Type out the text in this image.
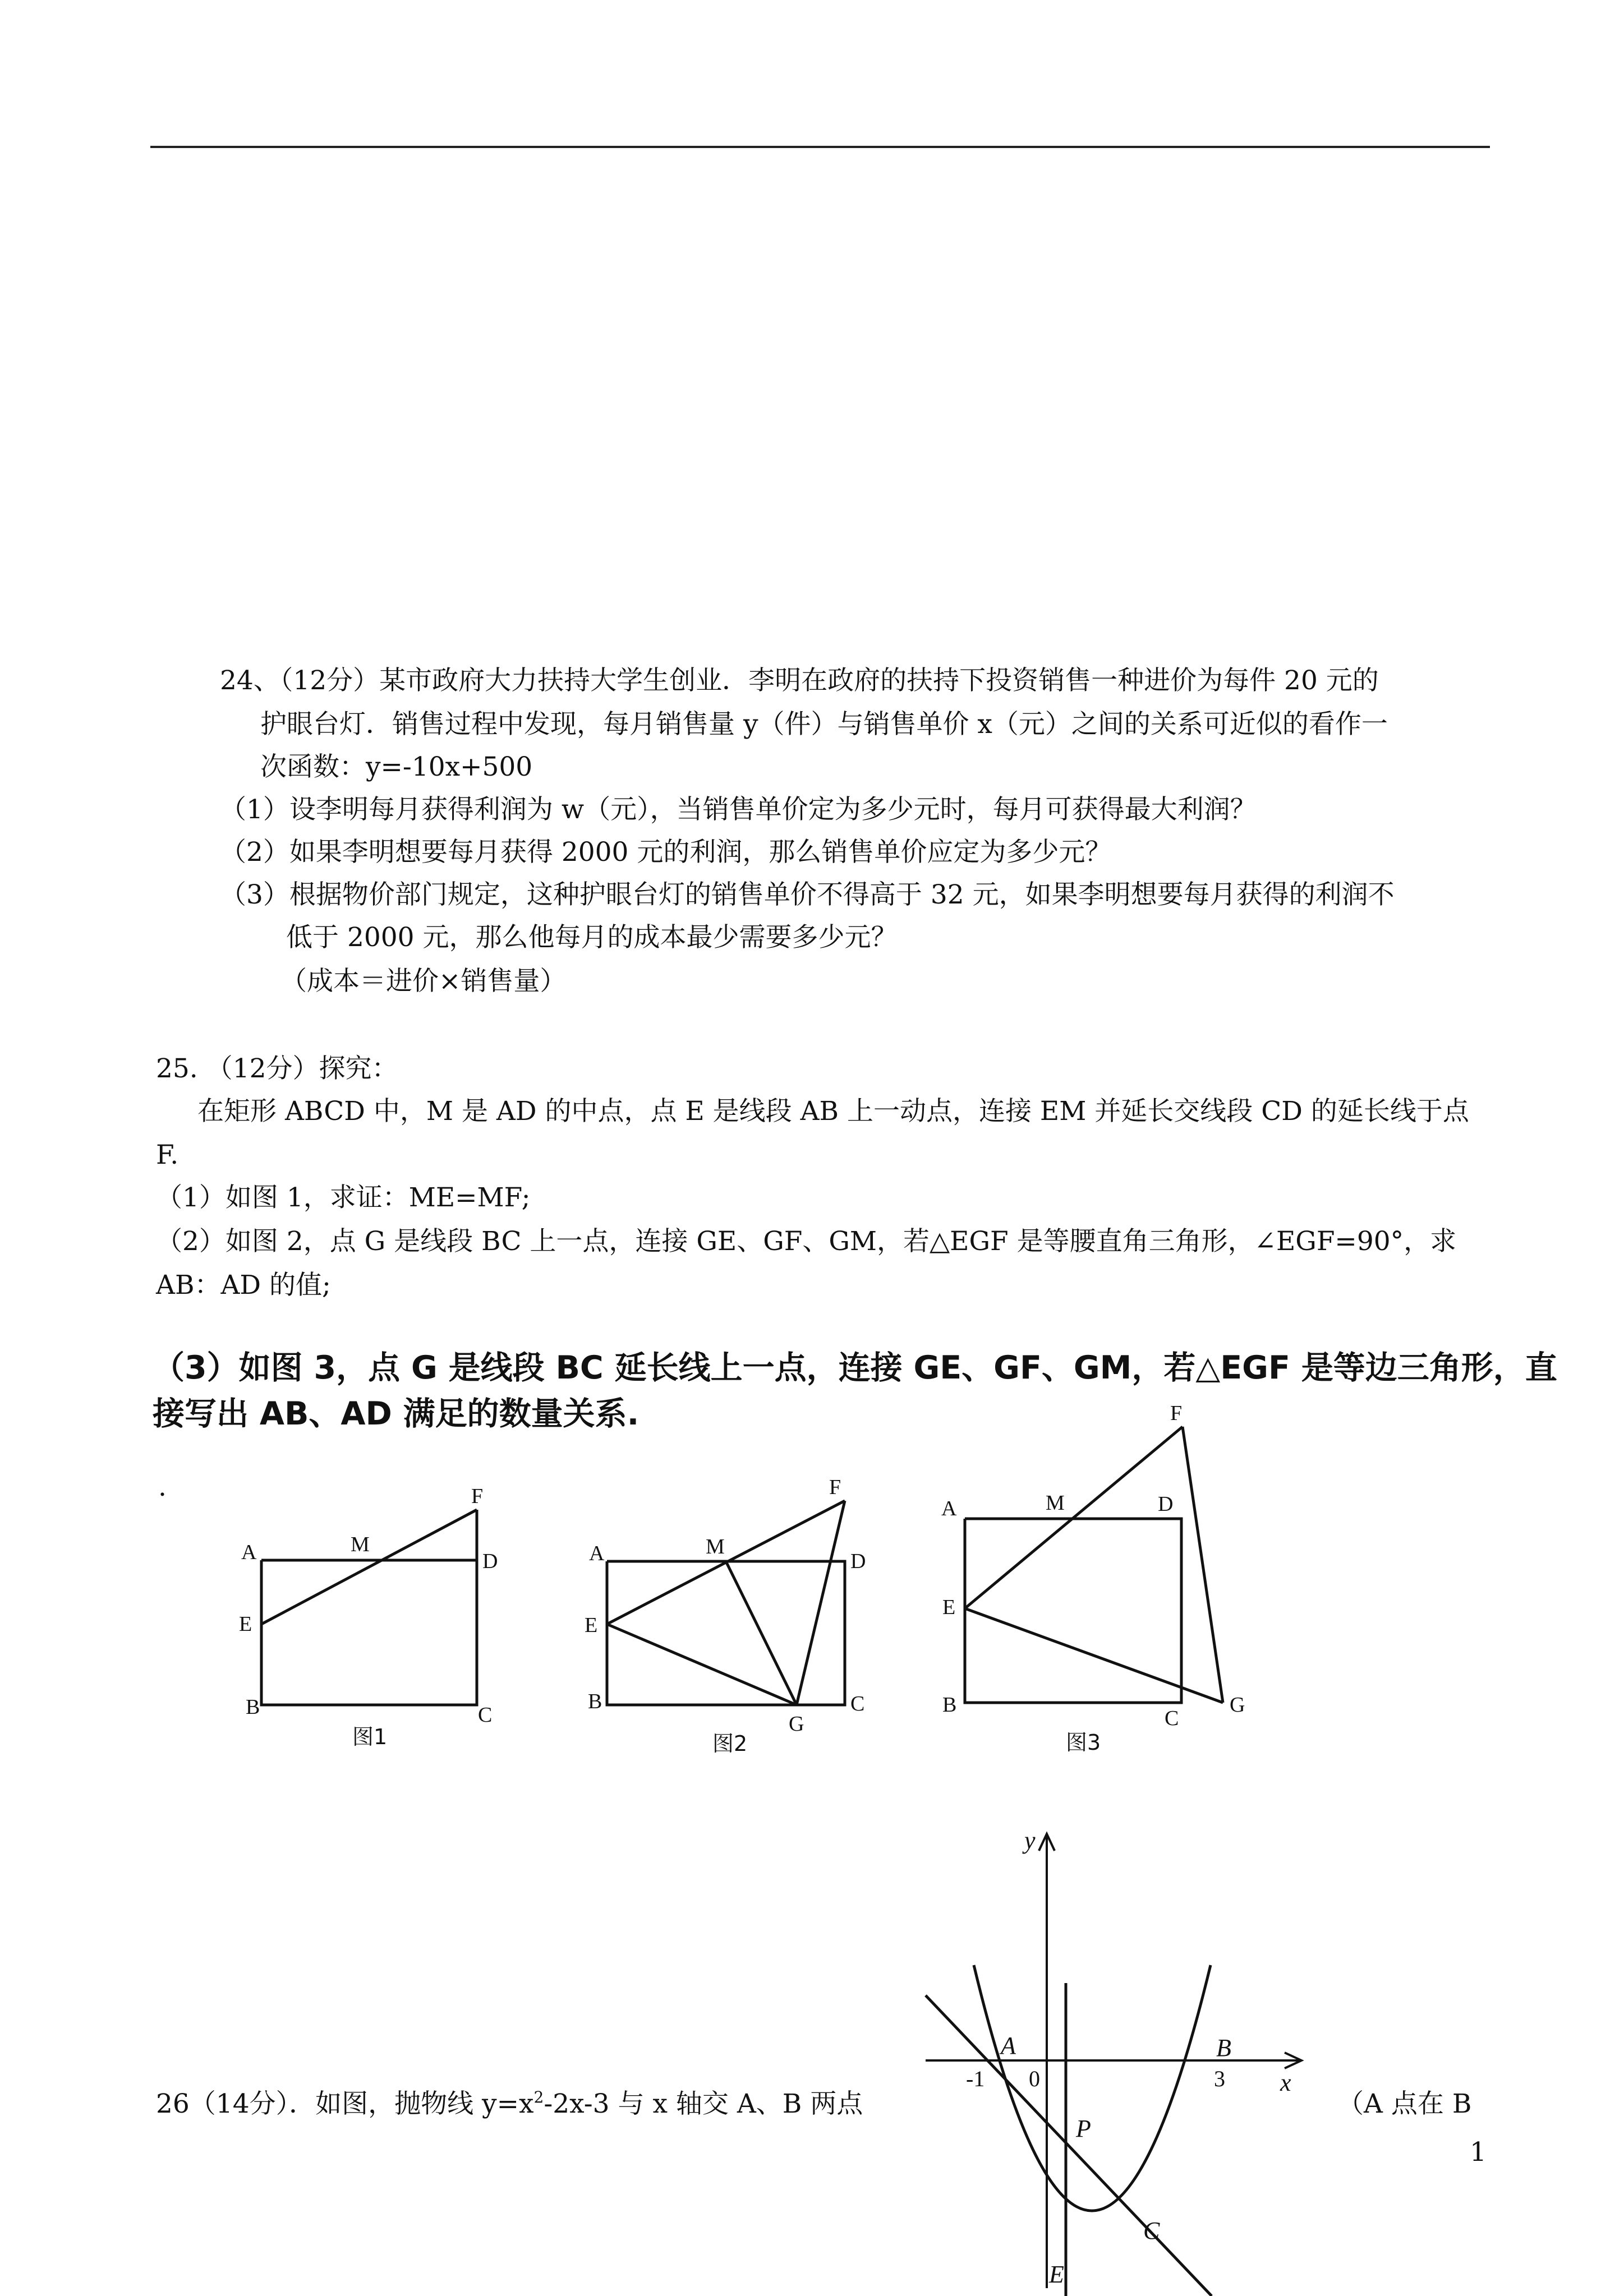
24、（12分）某市政府大力扶持大学生创业．李明在政府的扶持下投资销售一种进价为每件 20 元的
护眼台灯．销售过程中发现，每月销售量 y（件）与销售单价 x（元）之间的关系可近似的看作一
次函数：y=-10x+500
（1）设李明每月获得利润为 w（元），当销售单价定为多少元时，每月可获得最大利润？
（2）如果李明想要每月获得 2000 元的利润，那么销售单价应定为多少元？
（3）根据物价部门规定，这种护眼台灯的销售单价不得高于 32 元，如果李明想要每月获得的利润不
低于 2000 元，那么他每月的成本最少需要多少元？
（成本＝进价×销售量）
25. （12分）探究：
在矩形 ABCD 中，M 是 AD 的中点，点 E 是线段 AB 上一动点，连接 EM 并延长交线段 CD 的延长线于点
F.
（1）如图 1，求证：ME=MF;
（2）如图 2，点 G 是线段 BC 上一点，连接 GE、GF、GM，若△EGF 是等腰直角三角形，∠EGF=90°，求
AB：AD 的值;
（3）如图 3，点 G 是线段 BC 延长线上一点，连接 GE、GF、GM，若△EGF 是等边三角形，直
接写出 AB、AD 满足的数量关系.
.
A	M
F
D
E
B	C
图1
A	M
F
D
E
B
G
C
图2
A	M
F
D
E
B
C
G
图3
26（14分）．如图，抛物线 $y=x^2-2x-3$ 与 x 轴交 A、B 两点	（A 点在 B
y
x
A	B
P
C
E
-1 0	3
1
